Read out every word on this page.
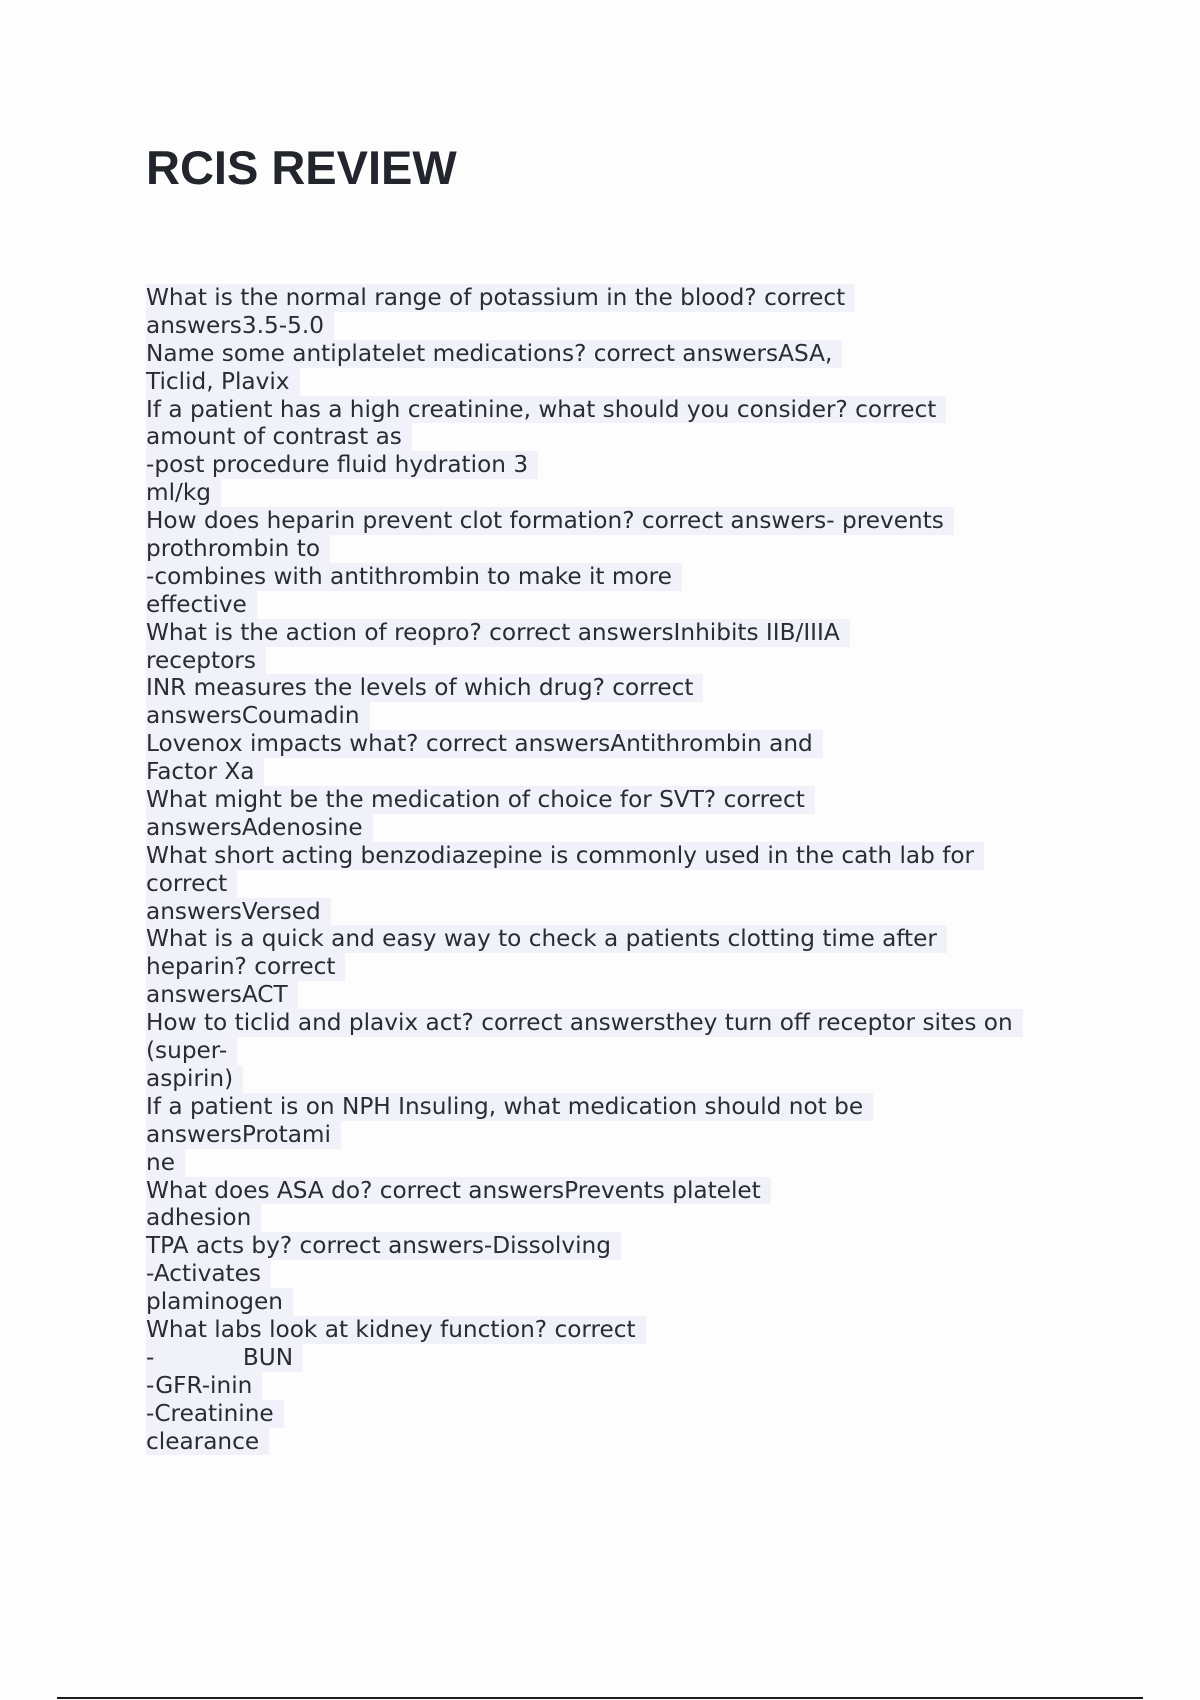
RCIS REVIEW
What is the normal range of potassium in the blood? correct
answers3.5-5.0
Name some antiplatelet medications? correct answersASA,
Ticlid, Plavix
If a patient has a high creatinine, what should you consider? correct
amount of contrast as
-post procedure fluid hydration 3
ml/kg
How does heparin prevent clot formation? correct answers- prevents
prothrombin to
-combines with antithrombin to make it more
effective
What is the action of reopro? correct answersInhibits IIB/IIIA
receptors
INR measures the levels of which drug? correct
answersCoumadin
Lovenox impacts what? correct answersAntithrombin and
Factor Xa
What might be the medication of choice for SVT? correct
answersAdenosine
What short acting benzodiazepine is commonly used in the cath lab for
correct
answersVersed
What is a quick and easy way to check a patients clotting time after
heparin? correct
answersACT
How to ticlid and plavix act? correct answersthey turn off receptor sites on
(super-
aspirin)
If a patient is on NPH Insuling, what medication should not be
answersProtami
ne
What does ASA do? correct answersPrevents platelet
adhesion
TPA acts by? correct answers-Dissolving
-Activates
plaminogen
What labs look at kidney function? correct
-            BUN
-GFR-inin
-Creatinine
clearance
